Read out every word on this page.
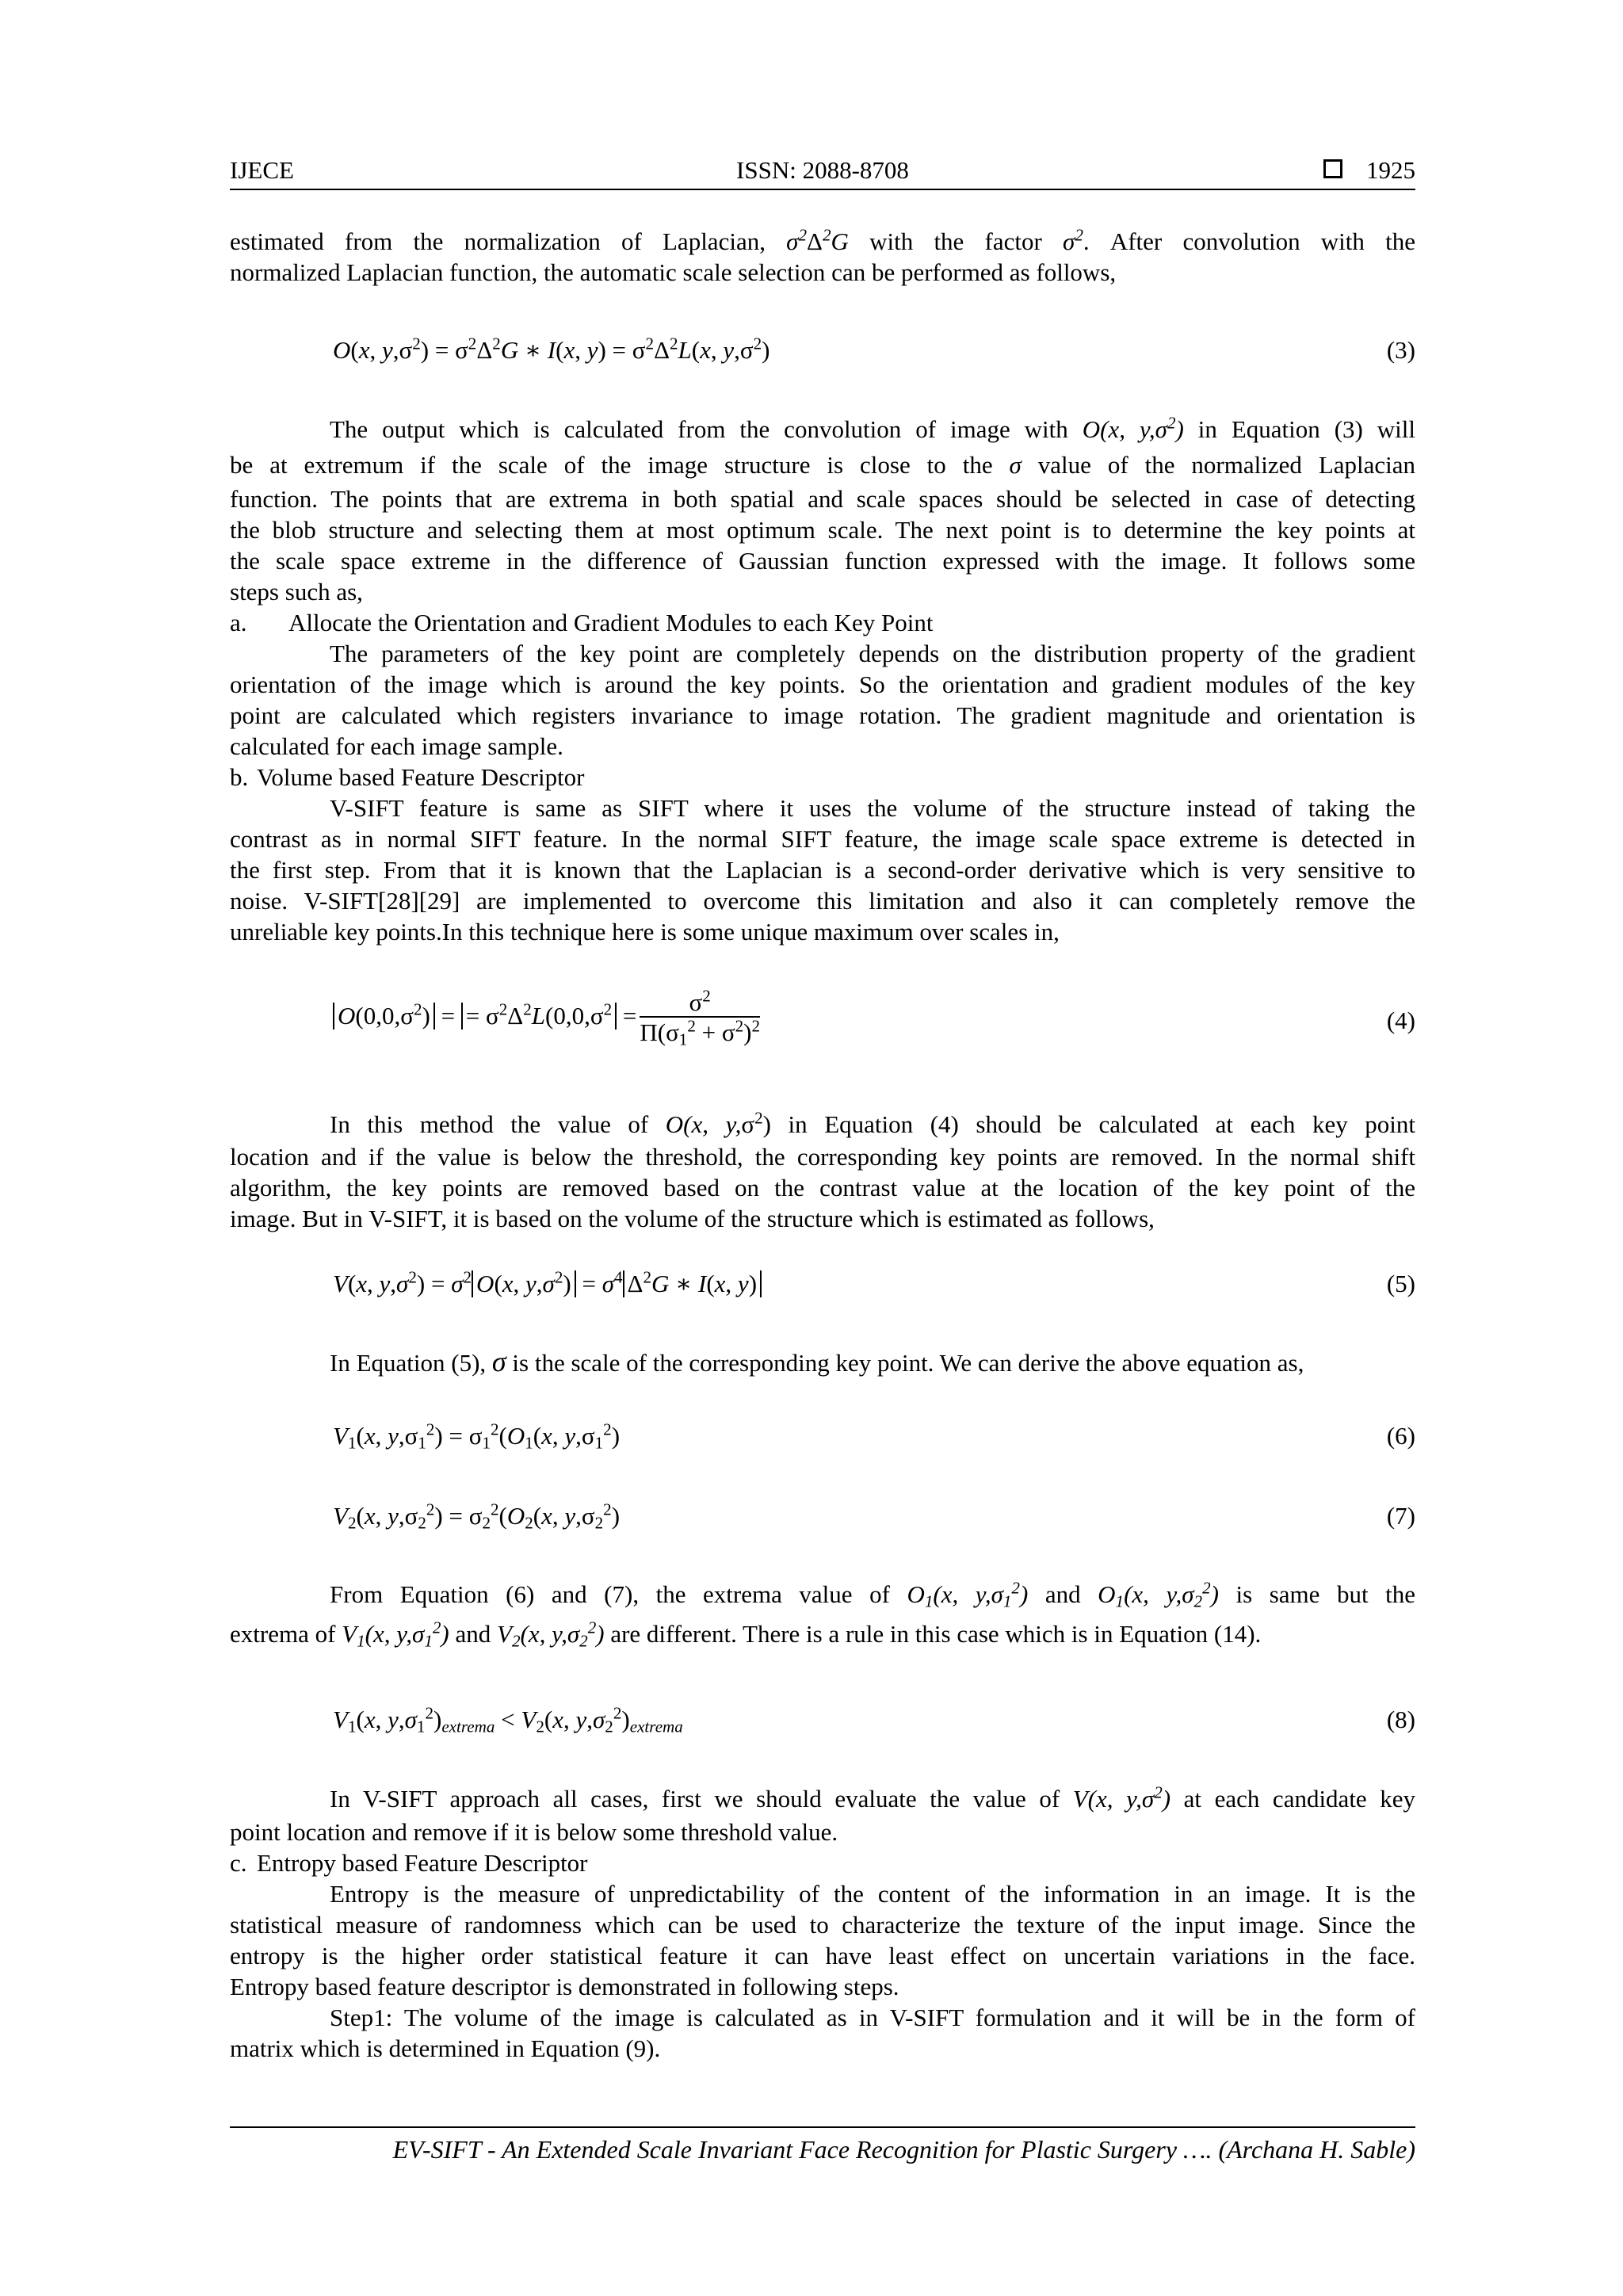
IJECE	ISSN: 2088-8708	1925
estimated from the normalization of Laplacian, $\sigma^2\Delta^2G$ with the factor $\sigma^2$. After convolution with the
normalized Laplacian function, the automatic scale selection can be performed as follows,
O(x, $y,\sigma^2) = \sigma^2\Delta^2G$ ∗ I(x, $y) = \sigma^2\Delta^2L(x$, $y,\sigma^2$)	(3)
The output which is calculated from the convolution of image with O(x, $y,\sigma^2$) in Equation (3) will
be at extremum if the scale of the image structure is close to the σ value of the normalized Laplacian
function. The points that are extrema in both spatial and scale spaces should be selected in case of detecting
the blob structure and selecting them at most optimum scale. The next point is to determine the key points at
the scale space extreme in the difference of Gaussian function expressed with the image. It follows some
steps such as,
a. Allocate the Orientation and Gradient Modules to each Key Point
The parameters of the key point are completely depends on the distribution property of the gradient
orientation of the image which is around the key points. So the orientation and gradient modules of the key
point are calculated which registers invariance to image rotation. The gradient magnitude and orientation is
calculated for each image sample.
b. Volume based Feature Descriptor
V-SIFT feature is same as SIFT where it uses the volume of the structure instead of taking the
contrast as in normal SIFT feature. In the normal SIFT feature, the image scale space extreme is detected in
the first step. From that it is known that the Laplacian is a second-order derivative which is very sensitive to
noise. V-SIFT[28][29] are implemented to overcome this limitation and also it can completely remove the
unreliable key points.In this technique here is some unique maximum over scales in,
$O(0,0,\sigma^2)$ = = $\sigma^2\Delta^2L(0,0,\sigma^2 = \frac{\sigma^2}{\Pi(\sigma_1^2 + \sigma^2)^2}$	(4)
In this method the value of O(x, $y,\sigma^2$) in Equation (4) should be calculated at each key point
location and if the value is below the threshold, the corresponding key points are removed. In the normal shift
algorithm, the key points are removed based on the contrast value at the location of the key point of the
image. But in V-SIFT, it is based on the volume of the structure which is estimated as follows,
V(x, $y,\sigma^2) = \sigma^2$ O(x, $y,\sigma^2) = \sigma^4$ $\Delta^2G$ ∗ I(x, y)	(5)
In Equation (5), σ is the scale of the corresponding key point. We can derive the above equation as,
$V_1(x$, $y,\sigma_1^2) = \sigma_1^2(O_1(x$, $y,\sigma_1^2$)	(6)
$V_2(x$, $y,\sigma_2^2) = \sigma_2^2(O_2(x$, $y,\sigma_2^2$)	(7)
From Equation (6) and (7), the extrema value of $O_1(x$, $y,\sigma_1^2$) and $O_1(x$, $y,\sigma_2^2$) is same but the
extrema of $V_1(x$, $y,\sigma_1^2$) and $V_2(x$, $y,\sigma_2^2$) are different. There is a rule in this case which is in Equation (14).
$V_1(x$, $y,\sigma_1^2)_{extrema} < V_2(x$, $y,\sigma_2^2)_{extrema}$	(8)
In V-SIFT approach all cases, first we should evaluate the value of V(x, $y,\sigma^2$) at each candidate key
point location and remove if it is below some threshold value.
c. Entropy based Feature Descriptor
Entropy is the measure of unpredictability of the content of the information in an image. It is the
statistical measure of randomness which can be used to characterize the texture of the input image. Since the
entropy is the higher order statistical feature it can have least effect on uncertain variations in the face.
Entropy based feature descriptor is demonstrated in following steps.
Step1: The volume of the image is calculated as in V-SIFT formulation and it will be in the form of
matrix which is determined in Equation (9).
EV-SIFT - An Extended Scale Invariant Face Recognition for Plastic Surgery …. (Archana H. Sable)
